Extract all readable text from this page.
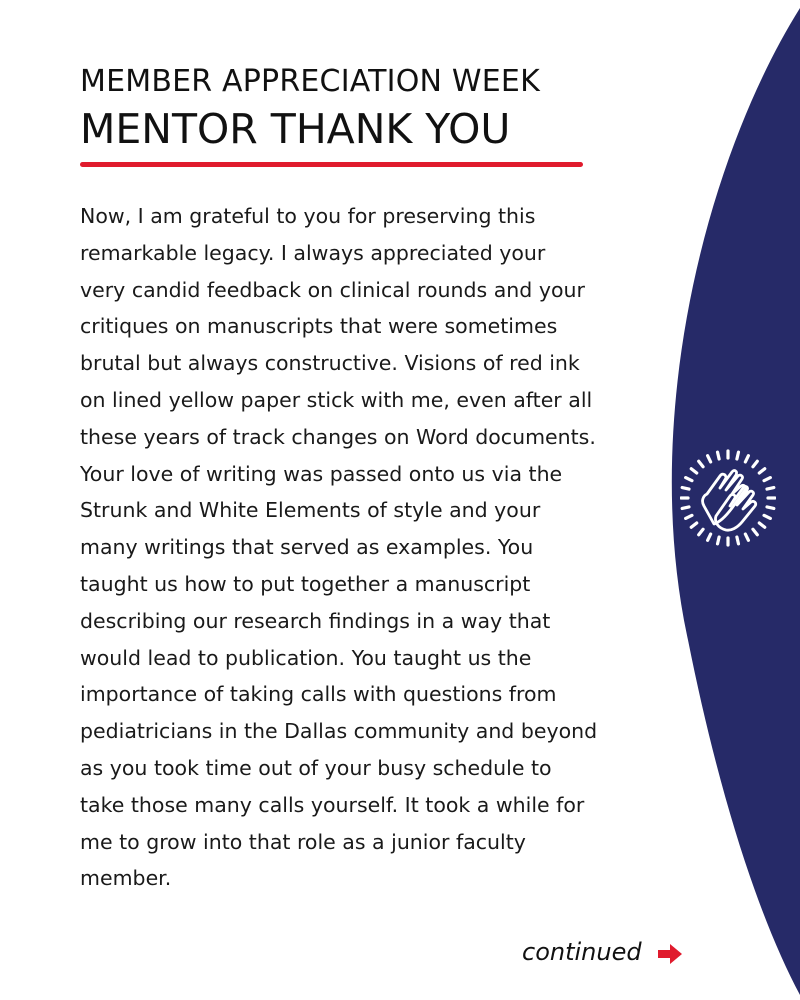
MEMBER APPRECIATION WEEK
MENTOR THANK YOU

Now, I am grateful to you for preserving this
remarkable legacy. I always appreciated your
very candid feedback on clinical rounds and your
critiques on manuscripts that were sometimes
brutal but always constructive. Visions of red ink
on lined yellow paper stick with me, even after all
these years of track changes on Word documents.
Your love of writing was passed onto us via the
Strunk and White Elements of style and your
many writings that served as examples. You
taught us how to put together a manuscript
describing our research findings in a way that
would lead to publication. You taught us the
importance of taking calls with questions from
pediatricians in the Dallas community and beyond
as you took time out of your busy schedule to
take those many calls yourself. It took a while for
me to grow into that role as a junior faculty
member.

continued
